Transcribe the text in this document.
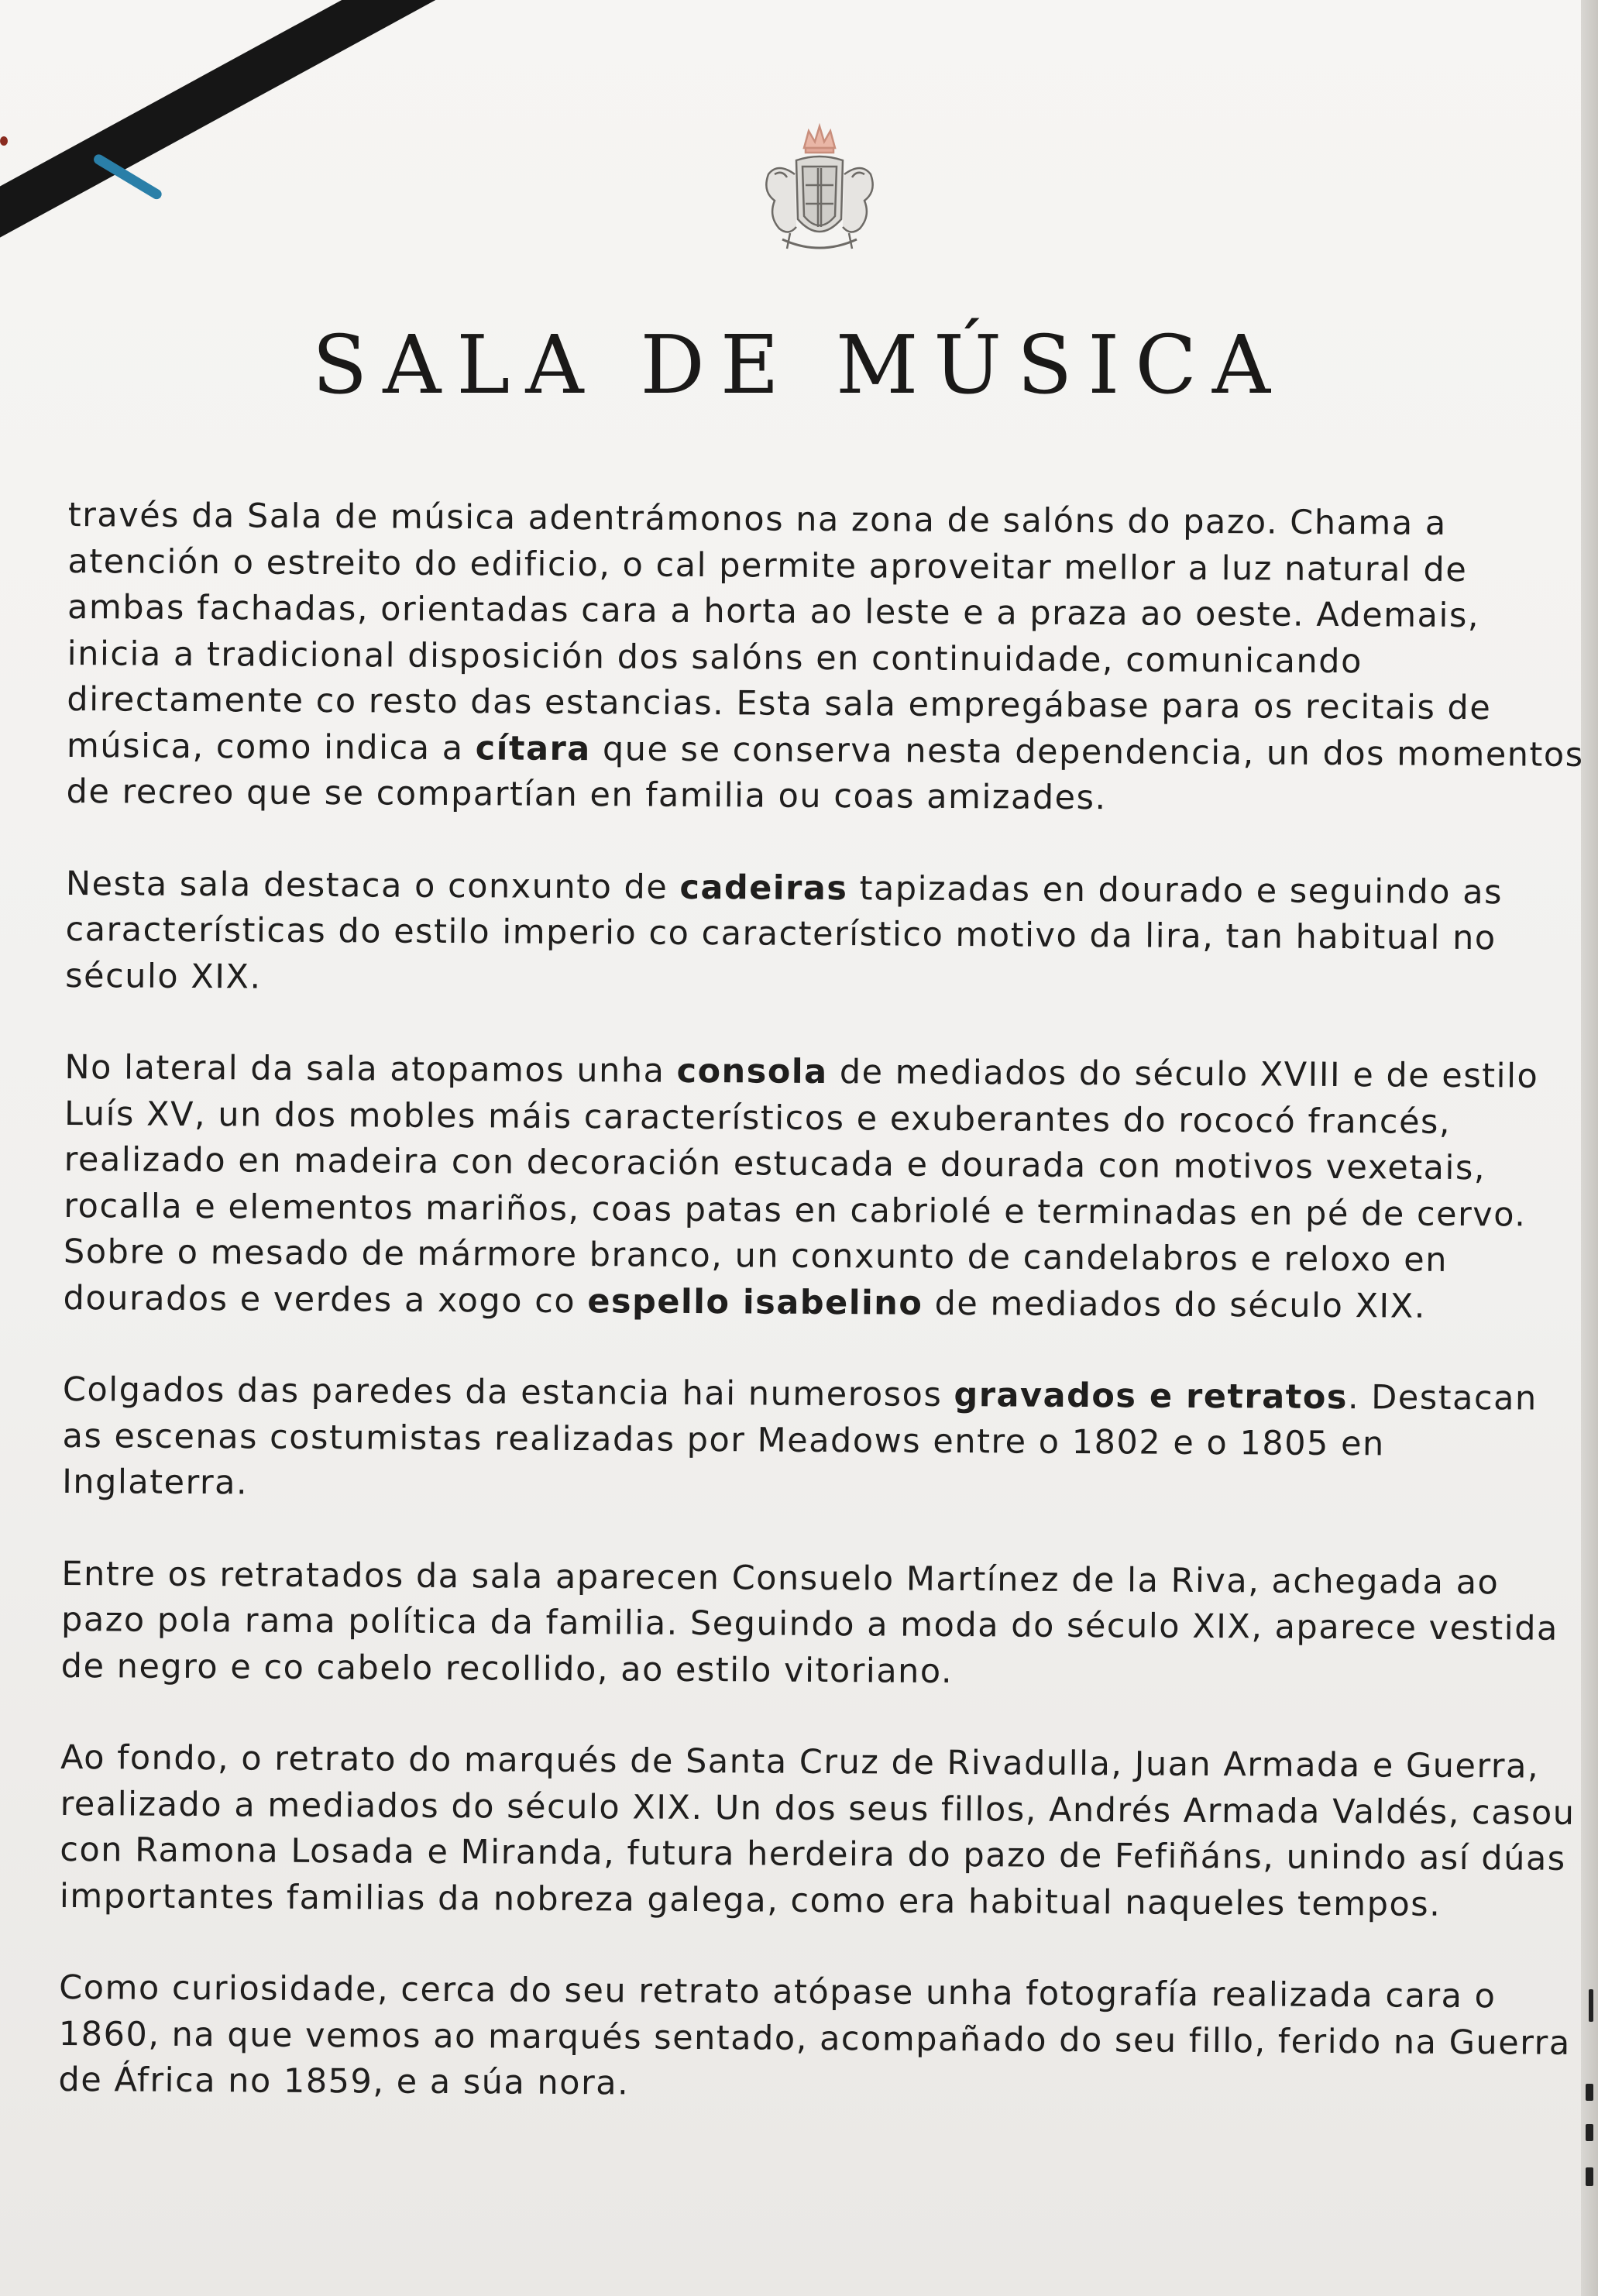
SALA DE MÚSICA

través da Sala de música adentrámonos na zona de salóns do pazo. Chama a atención o estreito do edificio, o cal permite aproveitar mellor a luz natural de ambas fachadas, orientadas cara a horta ao leste e a praza ao oeste. Ademais, inicia a tradicional disposición dos salóns en continuidade, comunicando directamente co resto das estancias. Esta sala empregábase para os recitais de música, como indica a cítara que se conserva nesta dependencia, un dos momentos de recreo que se compartían en familia ou coas amizades.

Nesta sala destaca o conxunto de cadeiras tapizadas en dourado e seguindo as características do estilo imperio co característico motivo da lira, tan habitual no século XIX.

No lateral da sala atopamos unha consola de mediados do século XVIII e de estilo Luís XV, un dos mobles máis característicos e exuberantes do rococó francés, realizado en madeira con decoración estucada e dourada con motivos vexetais, rocalla e elementos mariños, coas patas en cabriolé e terminadas en pé de cervo. Sobre o mesado de mármore branco, un conxunto de candelabros e reloxo en dourados e verdes a xogo co espello isabelino de mediados do século XIX.

Colgados das paredes da estancia hai numerosos gravados e retratos. Destacan as escenas costumistas realizadas por Meadows entre o 1802 e o 1805 en Inglaterra.

Entre os retratados da sala aparecen Consuelo Martínez de la Riva, achegada ao pazo pola rama política da familia. Seguindo a moda do século XIX, aparece vestida de negro e co cabelo recollido, ao estilo vitoriano.

Ao fondo, o retrato do marqués de Santa Cruz de Rivadulla, Juan Armada e Guerra, realizado a mediados do século XIX. Un dos seus fillos, Andrés Armada Valdés, casou con Ramona Losada e Miranda, futura herdeira do pazo de Fefiñáns, unindo así dúas importantes familias da nobreza galega, como era habitual naqueles tempos.

Como curiosidade, cerca do seu retrato atópase unha fotografía realizada cara o 1860, na que vemos ao marqués sentado, acompañado do seu fillo, ferido na Guerra de África no 1859, e a súa nora.
